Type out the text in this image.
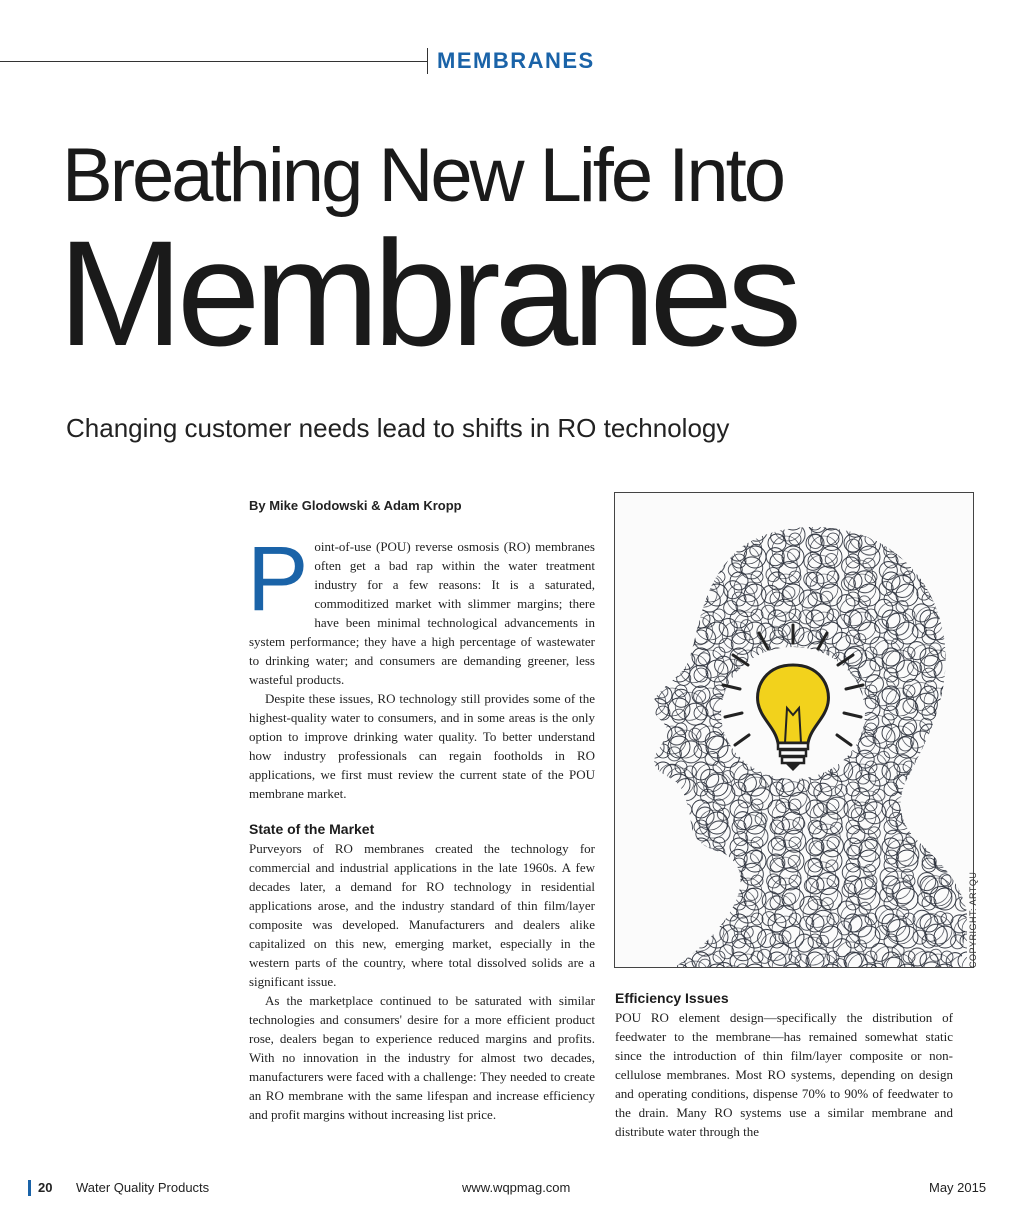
MEMBRANES
Breathing New Life Into
Membranes
Changing customer needs lead to shifts in RO technology
By Mike Glodowski & Adam Kropp
P oint-of-use (POU) reverse osmosis (RO) membranes often get a bad rap within the water treatment industry for a few reasons: It is a saturated, commoditized market with slimmer margins; there have been minimal technological advancements in system performance; they have a high percentage of wastewater to drinking water; and consumers are demanding greener, less wasteful products.
Despite these issues, RO technology still provides some of the highest-quality water to consumers, and in some areas is the only option to improve drinking water quality. To better understand how industry professionals can regain footholds in RO applications, we first must review the current state of the POU membrane market.
State of the Market
Purveyors of RO membranes created the technology for commercial and industrial applications in the late 1960s. A few decades later, a demand for RO technology in residential applications arose, and the industry standard of thin film/layer composite was developed. Manufacturers and dealers alike capitalized on this new, emerging market, especially in the western parts of the country, where total dissolved solids are a significant issue.
As the marketplace continued to be saturated with similar technologies and consumers' desire for a more efficient product rose, dealers began to experience reduced margins and profits. With no innovation in the industry for almost two decades, manufacturers were faced with a challenge: They needed to create an RO membrane with the same lifespan and increase efficiency and profit margins without increasing list price.
COPYRIGHT: ARTQU
Efficiency Issues
POU RO element design—specifically the distribution of feedwater to the membrane—has remained somewhat static since the introduction of thin film/layer composite or non-cellulose membranes. Most RO systems, depending on design and operating conditions, dispense 70% to 90% of feedwater to the drain. Many RO systems use a similar membrane and distribute water through the
20 Water Quality Products	www.wqpmag.com	May 2015
